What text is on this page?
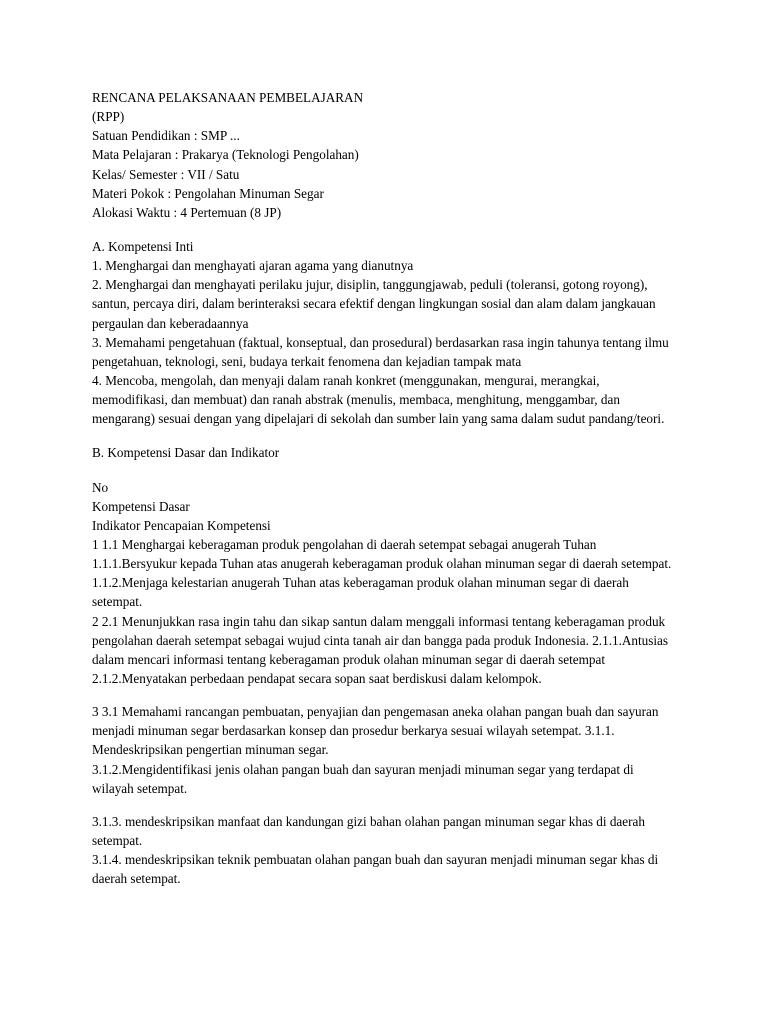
RENCANA PELAKSANAAN PEMBELAJARAN

(RPP)

Satuan Pendidikan : SMP ...

Mata Pelajaran : Prakarya (Teknologi Pengolahan)

Kelas/ Semester : VII / Satu

Materi Pokok : Pengolahan Minuman Segar

Alokasi Waktu : 4 Pertemuan (8 JP)

A. Kompetensi Inti

1. Menghargai dan menghayati ajaran agama yang dianutnya

2. Menghargai dan menghayati perilaku jujur, disiplin, tanggungjawab, peduli (toleransi, gotong royong), santun, percaya diri, dalam berinteraksi secara efektif dengan lingkungan sosial dan alam dalam jangkauan pergaulan dan keberadaannya

3. Memahami pengetahuan (faktual, konseptual, dan prosedural) berdasarkan rasa ingin tahunya tentang ilmu pengetahuan, teknologi, seni, budaya terkait fenomena dan kejadian tampak mata

4. Mencoba, mengolah, dan menyaji dalam ranah konkret (menggunakan, mengurai, merangkai, memodifikasi, dan membuat) dan ranah abstrak (menulis, membaca, menghitung, menggambar, dan mengarang) sesuai dengan yang dipelajari di sekolah dan sumber lain yang sama dalam sudut pandang/teori.

B. Kompetensi Dasar dan Indikator

No

Kompetensi Dasar

Indikator Pencapaian Kompetensi

1 1.1 Menghargai keberagaman produk pengolahan di daerah setempat sebagai anugerah Tuhan 1.1.1.Bersyukur kepada Tuhan atas anugerah keberagaman produk olahan minuman segar di daerah setempat.

1.1.2.Menjaga kelestarian anugerah Tuhan atas keberagaman produk olahan minuman segar di daerah setempat.

2 2.1 Menunjukkan rasa ingin tahu dan sikap santun dalam menggali informasi tentang keberagaman produk pengolahan daerah setempat sebagai wujud cinta tanah air dan bangga pada produk Indonesia. 2.1.1.Antusias dalam mencari informasi tentang keberagaman produk olahan minuman segar di daerah setempat 2.1.2.Menyatakan perbedaan pendapat secara sopan saat berdiskusi dalam kelompok.

3 3.1 Memahami rancangan pembuatan, penyajian dan pengemasan aneka olahan pangan buah dan sayuran menjadi minuman segar berdasarkan konsep dan prosedur berkarya sesuai wilayah setempat. 3.1.1. Mendeskripsikan pengertian minuman segar.

3.1.2.Mengidentifikasi jenis olahan pangan buah dan sayuran menjadi minuman segar yang terdapat di wilayah setempat.

3.1.3. mendeskripsikan manfaat dan kandungan gizi bahan olahan pangan minuman segar khas di daerah setempat.

3.1.4. mendeskripsikan teknik pembuatan olahan pangan buah dan sayuran menjadi minuman segar khas di daerah setempat.
